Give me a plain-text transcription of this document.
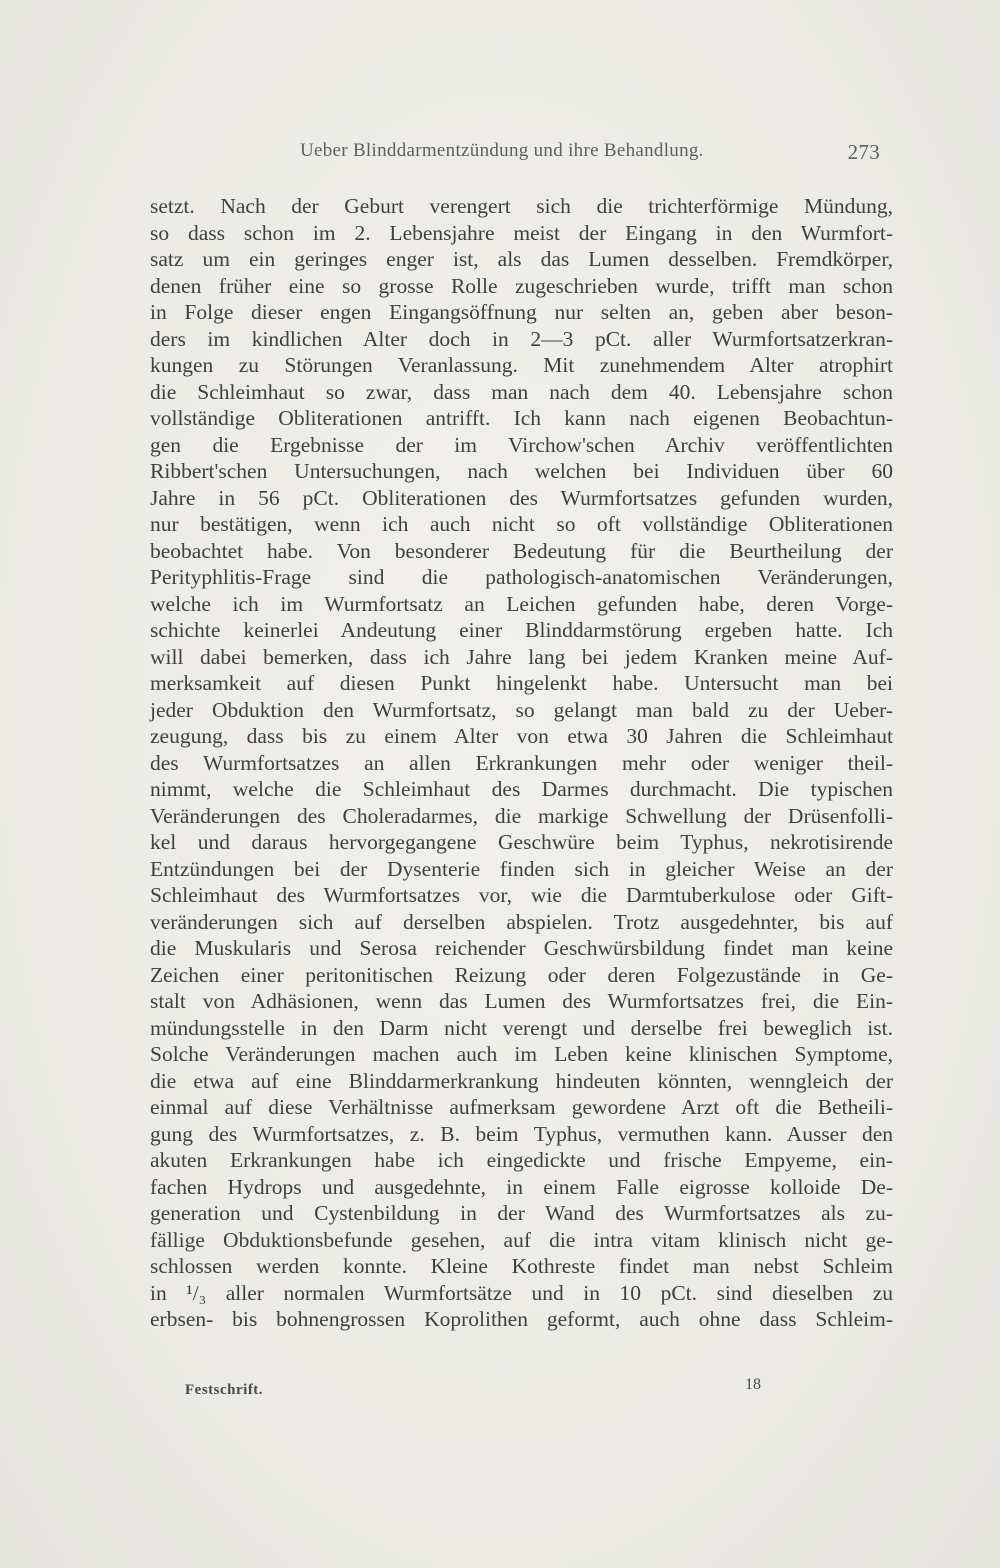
Ueber Blinddarmentzündung und ihre Behandlung.	273
setzt. Nach der Geburt verengert sich die trichterförmige Mündung,
so dass schon im 2. Lebensjahre meist der Eingang in den Wurmfort-
satz um ein geringes enger ist, als das Lumen desselben. Fremdkörper,
denen früher eine so grosse Rolle zugeschrieben wurde, trifft man schon
in Folge dieser engen Eingangsöffnung nur selten an, geben aber beson-
ders im kindlichen Alter doch in 2—3 pCt. aller Wurmfortsatzerkran-
kungen zu Störungen Veranlassung. Mit zunehmendem Alter atrophirt
die Schleimhaut so zwar, dass man nach dem 40. Lebensjahre schon
vollständige Obliterationen antrifft. Ich kann nach eigenen Beobachtun-
gen die Ergebnisse der im Virchow'schen Archiv veröffentlichten
Ribbert'schen Untersuchungen, nach welchen bei Individuen über 60
Jahre in 56 pCt. Obliterationen des Wurmfortsatzes gefunden wurden,
nur bestätigen, wenn ich auch nicht so oft vollständige Obliterationen
beobachtet habe. Von besonderer Bedeutung für die Beurtheilung der
Perityphlitis-Frage sind die pathologisch-anatomischen Veränderungen,
welche ich im Wurmfortsatz an Leichen gefunden habe, deren Vorge-
schichte keinerlei Andeutung einer Blinddarmstörung ergeben hatte. Ich
will dabei bemerken, dass ich Jahre lang bei jedem Kranken meine Auf-
merksamkeit auf diesen Punkt hingelenkt habe. Untersucht man bei
jeder Obduktion den Wurmfortsatz, so gelangt man bald zu der Ueber-
zeugung, dass bis zu einem Alter von etwa 30 Jahren die Schleimhaut
des Wurmfortsatzes an allen Erkrankungen mehr oder weniger theil-
nimmt, welche die Schleimhaut des Darmes durchmacht. Die typischen
Veränderungen des Choleradarmes, die markige Schwellung der Drüsenfolli-
kel und daraus hervorgegangene Geschwüre beim Typhus, nekrotisirende
Entzündungen bei der Dysenterie finden sich in gleicher Weise an der
Schleimhaut des Wurmfortsatzes vor, wie die Darmtuberkulose oder Gift-
veränderungen sich auf derselben abspielen. Trotz ausgedehnter, bis auf
die Muskularis und Serosa reichender Geschwürsbildung findet man keine
Zeichen einer peritonitischen Reizung oder deren Folgezustände in Ge-
stalt von Adhäsionen, wenn das Lumen des Wurmfortsatzes frei, die Ein-
mündungsstelle in den Darm nicht verengt und derselbe frei beweglich ist.
Solche Veränderungen machen auch im Leben keine klinischen Symptome,
die etwa auf eine Blinddarmerkrankung hindeuten könnten, wenngleich der
einmal auf diese Verhältnisse aufmerksam gewordene Arzt oft die Betheili-
gung des Wurmfortsatzes, z. B. beim Typhus, vermuthen kann. Ausser den
akuten Erkrankungen habe ich eingedickte und frische Empyeme, ein-
fachen Hydrops und ausgedehnte, in einem Falle eigrosse kolloide De-
generation und Cystenbildung in der Wand des Wurmfortsatzes als zu-
fällige Obduktionsbefunde gesehen, auf die intra vitam klinisch nicht ge-
schlossen werden konnte. Kleine Kothreste findet man nebst Schleim
in ¹/₃ aller normalen Wurmfortsätze und in 10 pCt. sind dieselben zu
erbsen- bis bohnengrossen Koprolithen geformt, auch ohne dass Schleim-
Festschrift.	18
